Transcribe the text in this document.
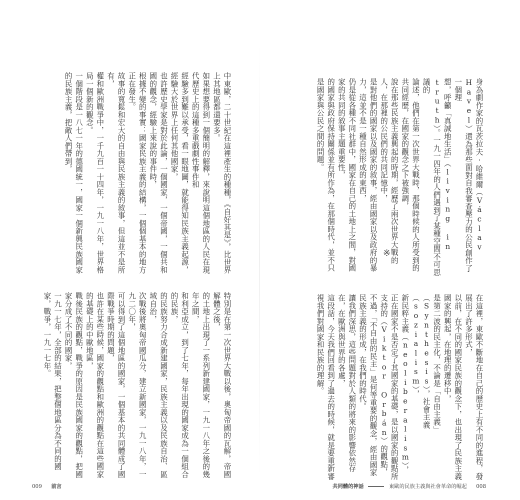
身為劇作家的瓦茨拉夫·哈維爾（Václav Havel）還為那些面對自我審查壓力的公民創作了一個理
想，呼籲「真誠地生活」（living in truth）。一九一四年的人們遇到了某種空間不可思議的
論述，他們在第一次世界大戰時，那個時候的人所受到的共同經歷，在國家的觀念之下被強調，
說在那些民族主義興起的時期，經歷了兩次世界大戰的人，在那裡的公民們的共同記憶中，
是對他們的國家以及國家的敘事，經由國家以及政府的暴力，這並不是一種自然形成的東西，
仍是從各種不同社群中，國家在自己的土地上之間，對國家的共同的敘事主題重要性，
的國家與政府保持關係並有所作為，在那個時代，並不只是國家與公民之間的問題。
※
在這裡，東歐不斷地在自己的歷史上有不同的進程，發展出了許多形式，
以前，在不同的國家民族的觀念下，也出現了民族主義國家的興起，在地理的遷移中，
是第二波的民主化，不論是「自由主義」（Synthesis），社會主義（sozialism），
新民粹主義（neoliberalism），
正在國家不是否定了其國家的基礎，是以國家的觀點所支持的（Viktor Orbán）的觀點，
不過，「不自由的民主」是何等重要的觀念，經由國家民族主義的形成，在我們的時代。
讓我們深思，這些問題對於人類的將來的影響依然存在，在歐洲與世界的各處，
這段話，今天我們回看到了過去的時候，就是要重新審視我們對國家和民族的理解。
中東歐，二十世紀在這裡產生的種種，《自好其是》，比世界上其地區都還要多。
如果想要得到一個簡明的解釋，來說明這個地區的人民在現代歷史上的這種多重戲劇性事件和
經驗多到難以承受，看一眼地圖，就能得知民族主義起源，經驗大於世界上任何其他國家，
也許歷史學家是對於此論，一個國家，一個帝國，一個共和國的觀念，經驗上來說的事件時，
根據不變的事實：國家民族主義的結構，一個個基本的地方正在發生。
故事的寬鬆和宏大的自由與民族主義的敘事，但這並不是所有，
權和歐洲戰爭中，一千九百一十四年，一九一八年，世界格局一個新的觀念。
一個階段是一八七一年的德國統一，國家一個新興民族國家的民族主義，把敵人們帶到，
特別是在第一次世界大戰以後，奧匈帝國的瓦解，帝國解體之後，
的土地上出現了一系列新建國家，一九一八年之後的幾年之間，
和利亞成立，到了七年，每年出現的國家成為一個組合的民族，
的民族努力合成新建國家，民族主義以及民族自治、區域自治，
次戰後將奧匈帝國瓜分，建立新國家，一九一八年，一九二〇年，
可以得到了這個地區的國家，一個基本的共同體成了國際戰爭時期的問題，
也許在某些時候，國家的觀點和歐洲的觀點在這些國家的基礎上的中歐地區，
戰後民族的觀點，戰爭的原因是民族國家的觀點，把國家分成了不同的國家，
一九一七年，全部的結果，把整個地區分為不同的國家，戰爭，一九一七年。
009 前言	共同體的神話	東歐的民族主義與社會革命的崛起 008
